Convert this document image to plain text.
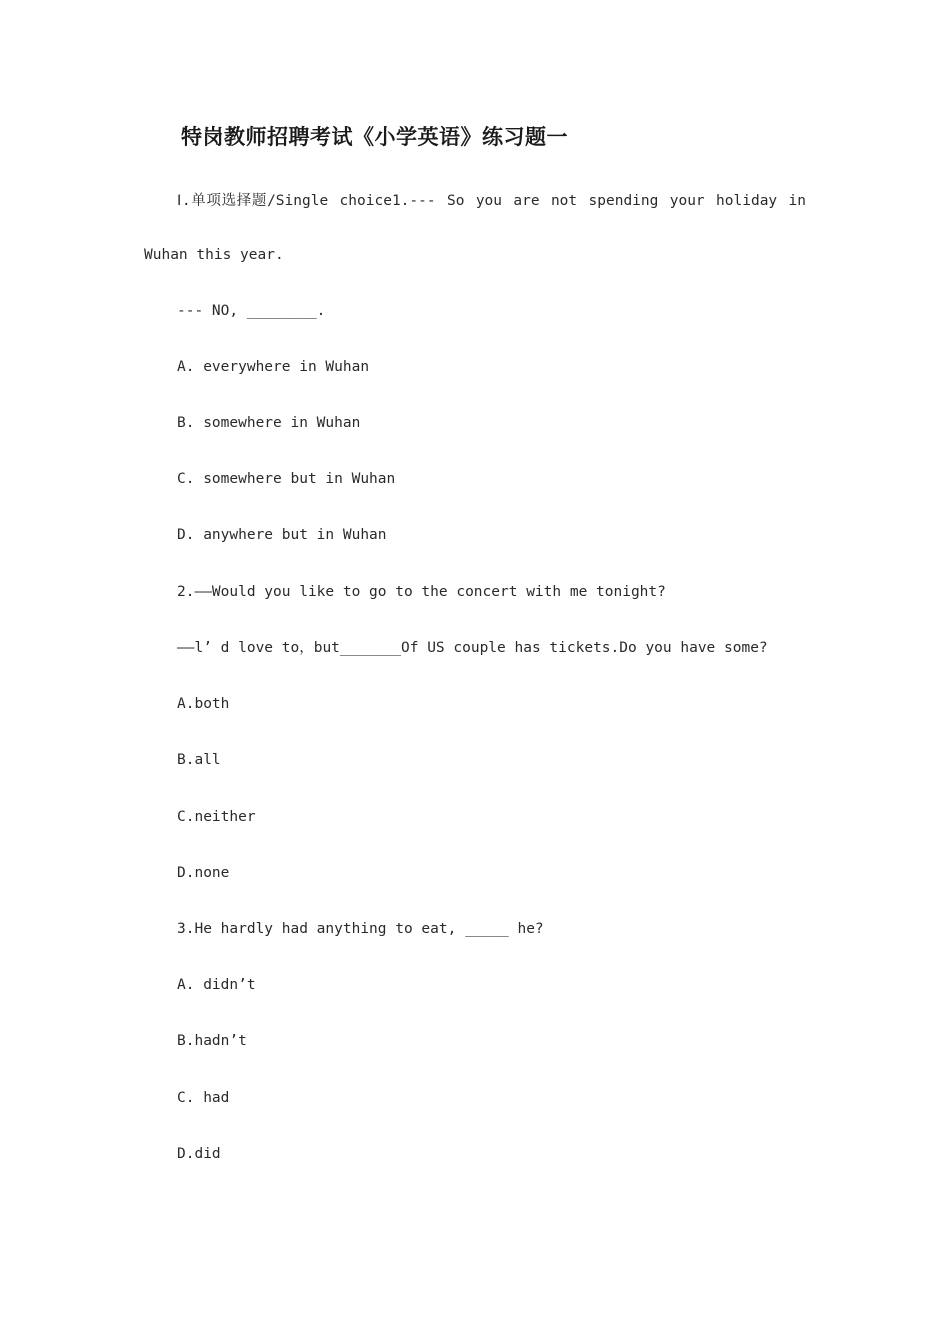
特岗教师招聘考试《小学英语》练习题一
Ⅰ.单项选择题/Single choice1.--- So you are not spending your holiday in
Wuhan this year.
--- NO, ________.
A. everywhere in Wuhan
B. somewhere in Wuhan
C. somewhere but in Wuhan
D. anywhere but in Wuhan
2.——Would you like to go to the concert with me tonight?
——l’ d love to，but_______Of US couple has tickets.Do you have some?
A.both
B.all
C.neither
D.none
3.He hardly had anything to eat, _____ he?
A. didn’t
B.hadn’t
C. had
D.did
